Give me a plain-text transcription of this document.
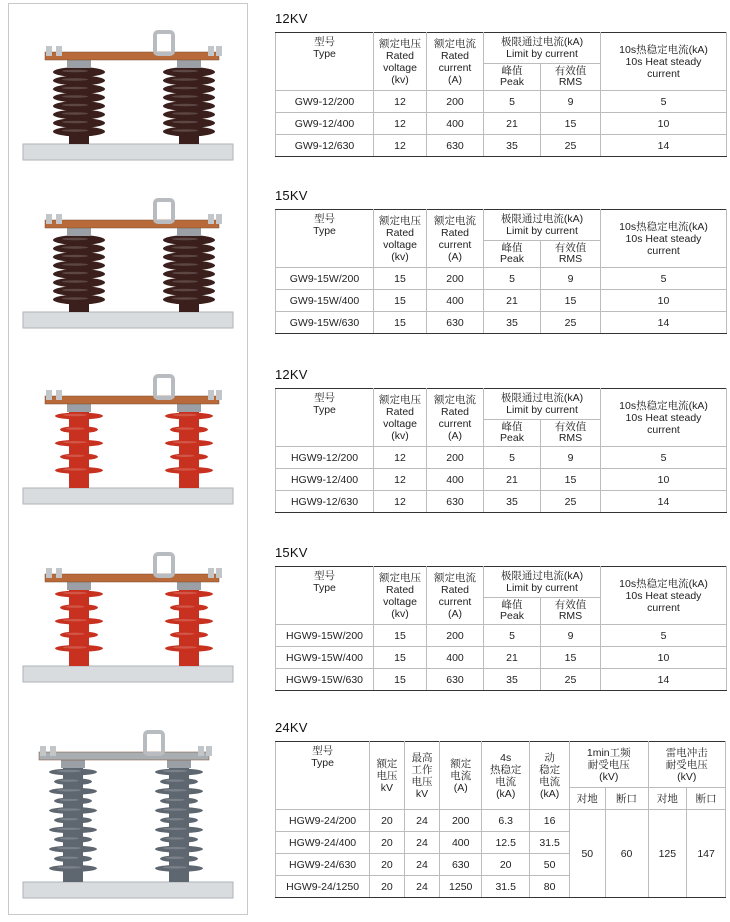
24KV
型号
Type	额定
电压
kV	最高
工作
电压
kV	额定
电流
(A)	4s
热稳定
电流
(kA)	动
稳定
电流
(kA)	1min工频
耐受电压
(kV)		雷电冲击
耐受电压
(kV)	

						对地	断口	对地	断口
HGW9-24/200	20	24	200	6.3	16	50	60	125	147
HGW9-24/400	20	24	400	12.5	31.5				
HGW9-24/630	20	24	630	20	50				
HGW9-24/1250	20	24	1250	31.5	80				
12KV
型号
Type	额定电压
Rated
voltage
(kv)	额定电流
Rated
current
(A)	极限通过电流(kA)
Limit by current		10s热稳定电流(kA)
10s Heat steady
current

			峰值
Peak	有效值
RMS	

GW9-12/200	12	200	5	9	5
GW9-12/400	12	400	21	15	10
GW9-12/630	12	630	35	25	14
15KV
型号
Type	额定电压
Rated
voltage
(kv)	额定电流
Rated
current
(A)	极限通过电流(kA)
Limit by current		10s热稳定电流(kA)
10s Heat steady
current

			峰值
Peak	有效值
RMS	

GW9-15W/200	15	200	5	9	5
GW9-15W/400	15	400	21	15	10
GW9-15W/630	15	630	35	25	14
12KV
型号
Type	额定电压
Rated
voltage
(kv)	额定电流
Rated
current
(A)	极限通过电流(kA)
Limit by current		10s热稳定电流(kA)
10s Heat steady
current

			峰值
Peak	有效值
RMS	

HGW9-12/200	12	200	5	9	5
HGW9-12/400	12	400	21	15	10
HGW9-12/630	12	630	35	25	14
15KV
型号
Type	额定电压
Rated
voltage
(kv)	额定电流
Rated
current
(A)	极限通过电流(kA)
Limit by current		10s热稳定电流(kA)
10s Heat steady
current

			峰值
Peak	有效值
RMS	

HGW9-15W/200	15	200	5	9	5
HGW9-15W/400	15	400	21	15	10
HGW9-15W/630	15	630	35	25	14
